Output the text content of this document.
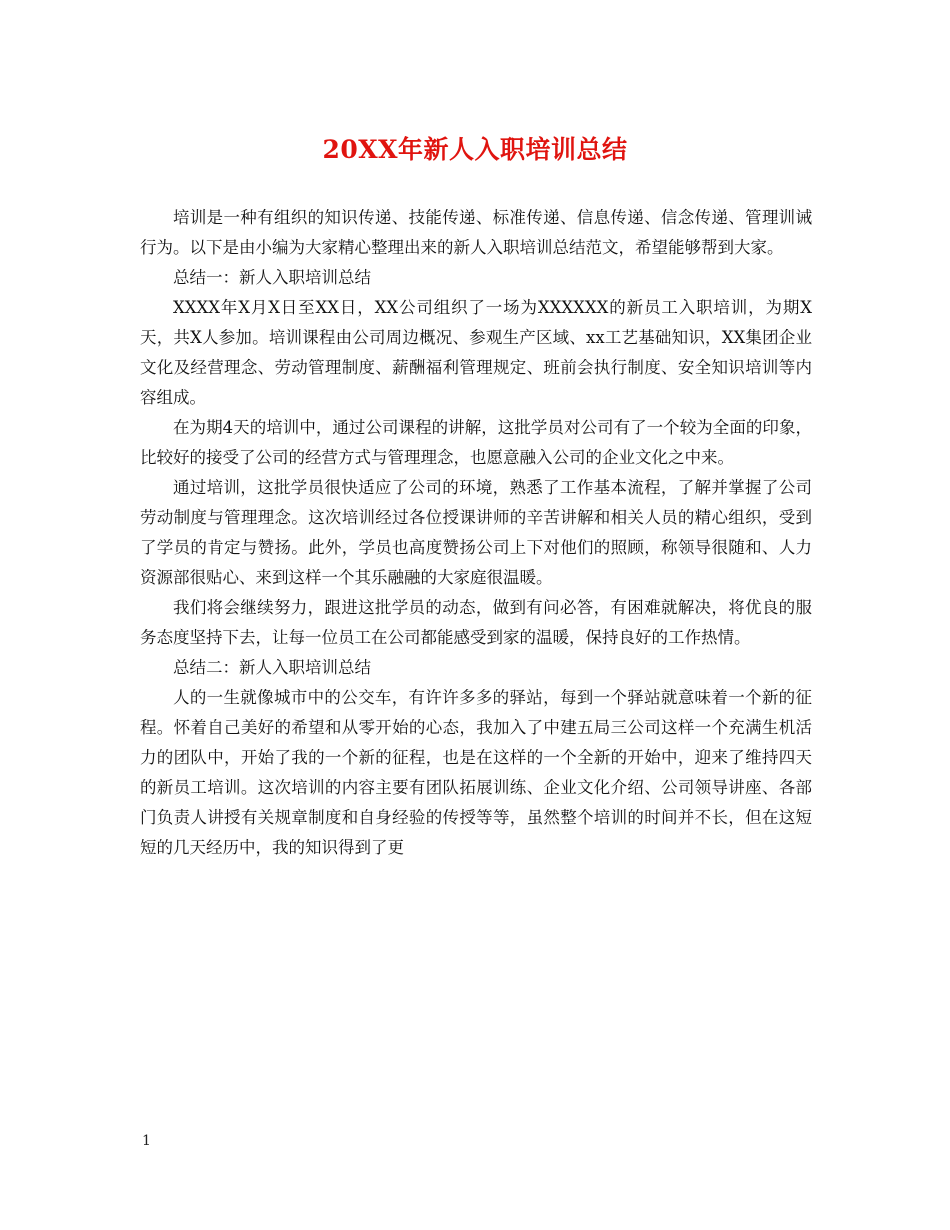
20XX年新人入职培训总结

培训是一种有组织的知识传递、技能传递、标准传递、信息传递、信念传递、管理训诫行为。以下是由小编为大家精心整理出来的新人入职培训总结范文，希望能够帮到大家。

总结一：新人入职培训总结

XXXX年X月X日至XX日，XX公司组织了一场为XXXXXX的新员工入职培训，为期X天，共X人参加。培训课程由公司周边概况、参观生产区域、xx工艺基础知识，XX集团企业文化及经营理念、劳动管理制度、薪酬福利管理规定、班前会执行制度、安全知识培训等内容组成。

在为期4天的培训中，通过公司课程的讲解，这批学员对公司有了一个较为全面的印象，比较好的接受了公司的经营方式与管理理念，也愿意融入公司的企业文化之中来。

通过培训，这批学员很快适应了公司的环境，熟悉了工作基本流程，了解并掌握了公司劳动制度与管理理念。这次培训经过各位授课讲师的辛苦讲解和相关人员的精心组织，受到了学员的肯定与赞扬。此外，学员也高度赞扬公司上下对他们的照顾，称领导很随和、人力资源部很贴心、来到这样一个其乐融融的大家庭很温暖。

我们将会继续努力，跟进这批学员的动态，做到有问必答，有困难就解决，将优良的服务态度坚持下去，让每一位员工在公司都能感受到家的温暖，保持良好的工作热情。

总结二：新人入职培训总结

人的一生就像城市中的公交车，有许许多多的驿站，每到一个驿站就意味着一个新的征程。怀着自己美好的希望和从零开始的心态，我加入了中建五局三公司这样一个充满生机活力的团队中，开始了我的一个新的征程，也是在这样的一个全新的开始中，迎来了维持四天的新员工培训。这次培训的内容主要有团队拓展训练、企业文化介绍、公司领导讲座、各部门负责人讲授有关规章制度和自身经验的传授等等，虽然整个培训的时间并不长，但在这短短的几天经历中，我的知识得到了更

1
